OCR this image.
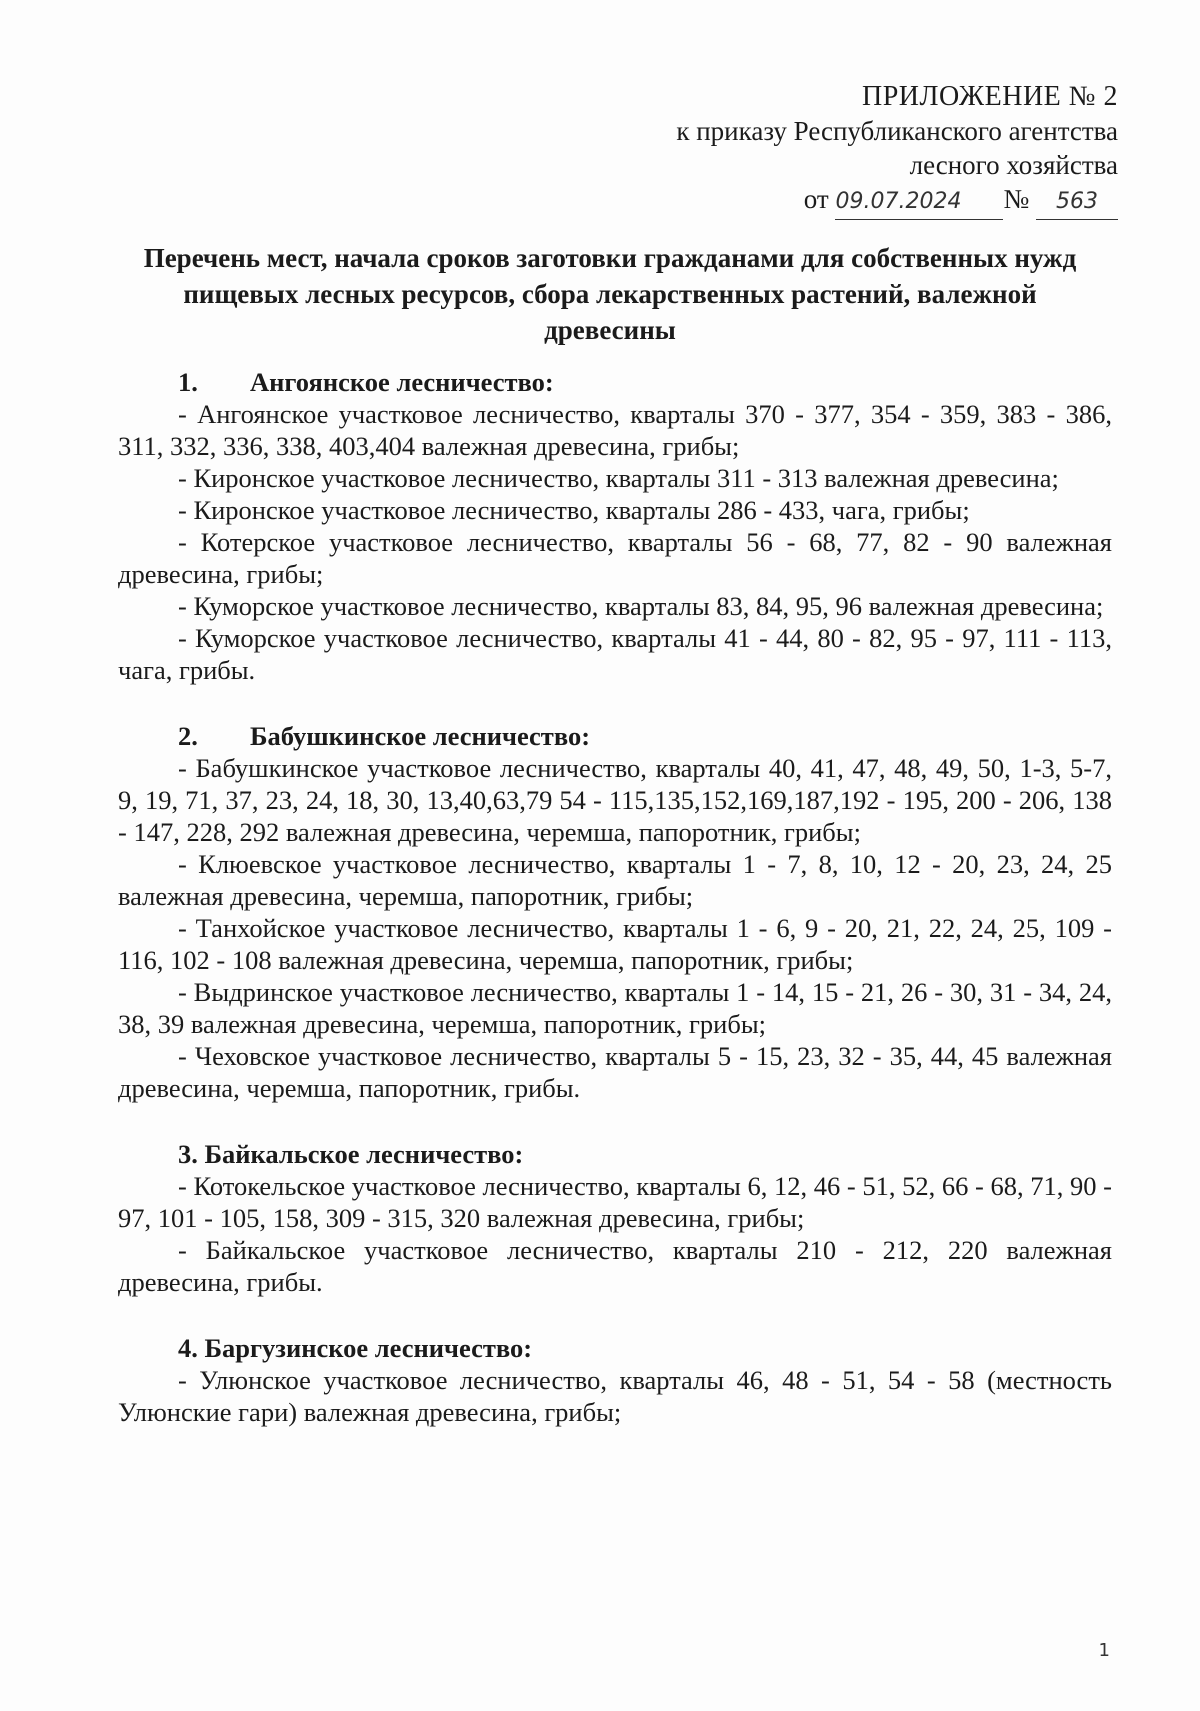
ПРИЛОЖЕНИЕ № 2
к приказу Республиканского агентства
лесного хозяйства
от 09.07.2024 № 563
Перечень мест, начала сроков заготовки гражданами для собственных нужд пищевых лесных ресурсов, сбора лекарственных растений, валежной древесины

1. Ангоянское лесничество:

- Ангоянское участковое лесничество, кварталы 370 - 377, 354 - 359, 383 - 386, 311, 332, 336, 338, 403,404 валежная древесина, грибы;

- Киронское участковое лесничество, кварталы 311 - 313 валежная древесина;

- Киронское участковое лесничество, кварталы 286 - 433, чага, грибы;

- Котерское участковое лесничество, кварталы 56 - 68, 77, 82 - 90 валежная древесина, грибы;

- Куморское участковое лесничество, кварталы 83, 84, 95, 96 валежная древесина;

- Куморское участковое лесничество, кварталы 41 - 44, 80 - 82, 95 - 97, 111 - 113, чага, грибы.

2. Бабушкинское лесничество:

- Бабушкинское участковое лесничество, кварталы 40, 41, 47, 48, 49, 50, 1-3, 5-7, 9, 19, 71, 37, 23, 24, 18, 30, 13,40,63,79 54 - 115,135,152,169,187,192 - 195, 200 - 206, 138 - 147, 228, 292 валежная древесина, черемша, папоротник, грибы;

- Клюевское участковое лесничество, кварталы 1 - 7, 8, 10, 12 - 20, 23, 24, 25 валежная древесина, черемша, папоротник, грибы;

- Танхойское участковое лесничество, кварталы 1 - 6, 9 - 20, 21, 22, 24, 25, 109 - 116, 102 - 108 валежная древесина, черемша, папоротник, грибы;

- Выдринское участковое лесничество, кварталы 1 - 14, 15 - 21, 26 - 30, 31 - 34, 24, 38, 39 валежная древесина, черемша, папоротник, грибы;

- Чеховское участковое лесничество, кварталы 5 - 15, 23, 32 - 35, 44, 45 валежная древесина, черемша, папоротник, грибы.

3. Байкальское лесничество:

- Котокельское участковое лесничество, кварталы 6, 12, 46 - 51, 52, 66 - 68, 71, 90 - 97, 101 - 105, 158, 309 - 315, 320 валежная древесина, грибы;

- Байкальское участковое лесничество, кварталы 210 - 212, 220 валежная древесина, грибы.

4. Баргузинское лесничество:

- Улюнское участковое лесничество, кварталы 46, 48 - 51, 54 - 58 (местность Улюнские гари) валежная древесина, грибы;

1
